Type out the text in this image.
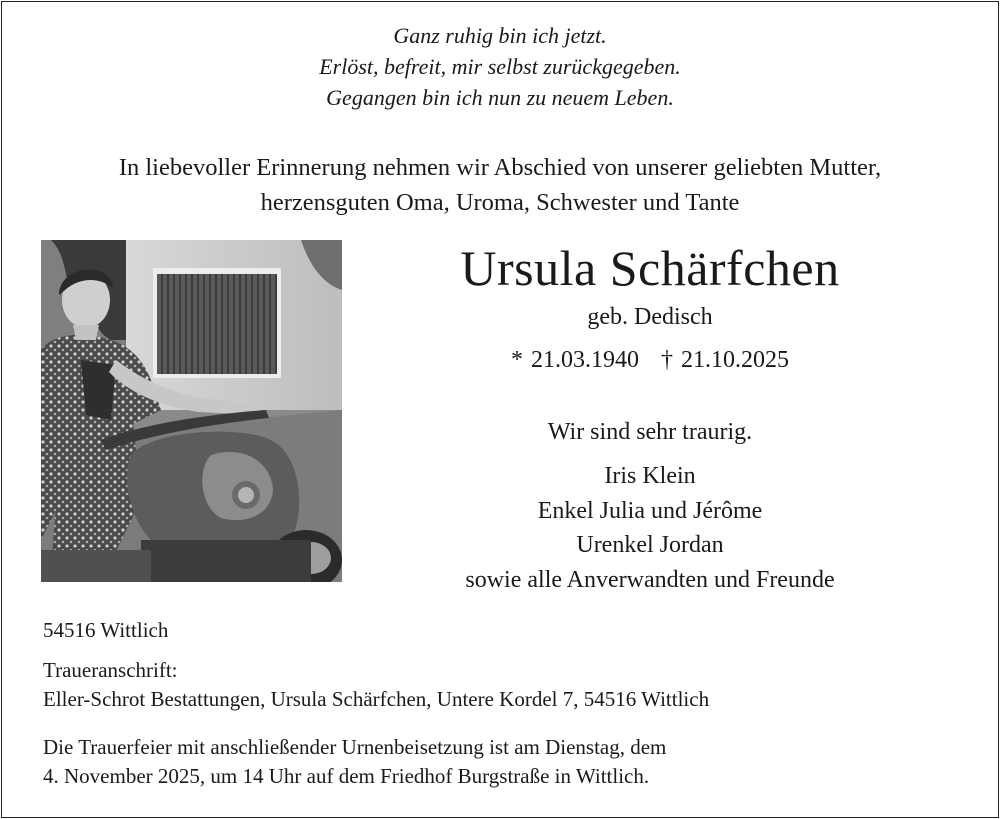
Ganz ruhig bin ich jetzt.
Erlöst, befreit, mir selbst zurückgegeben.
Gegangen bin ich nun zu neuem Leben.
In liebevoller Erinnerung nehmen wir Abschied von unserer geliebten Mutter,
herzensguten Oma, Uroma, Schwester und Tante
Ursula Schärfchen
geb. Dedisch
* 21.03.1940 † 21.10.2025
Wir sind sehr traurig.
Iris Klein
Enkel Julia und Jérôme
Urenkel Jordan
sowie alle Anverwandten und Freunde
54516 Wittlich
Traueranschrift:
Eller-Schrot Bestattungen, Ursula Schärfchen, Untere Kordel 7, 54516 Wittlich
Die Trauerfeier mit anschließender Urnenbeisetzung ist am Dienstag, dem
4. November 2025, um 14 Uhr auf dem Friedhof Burgstraße in Wittlich.
